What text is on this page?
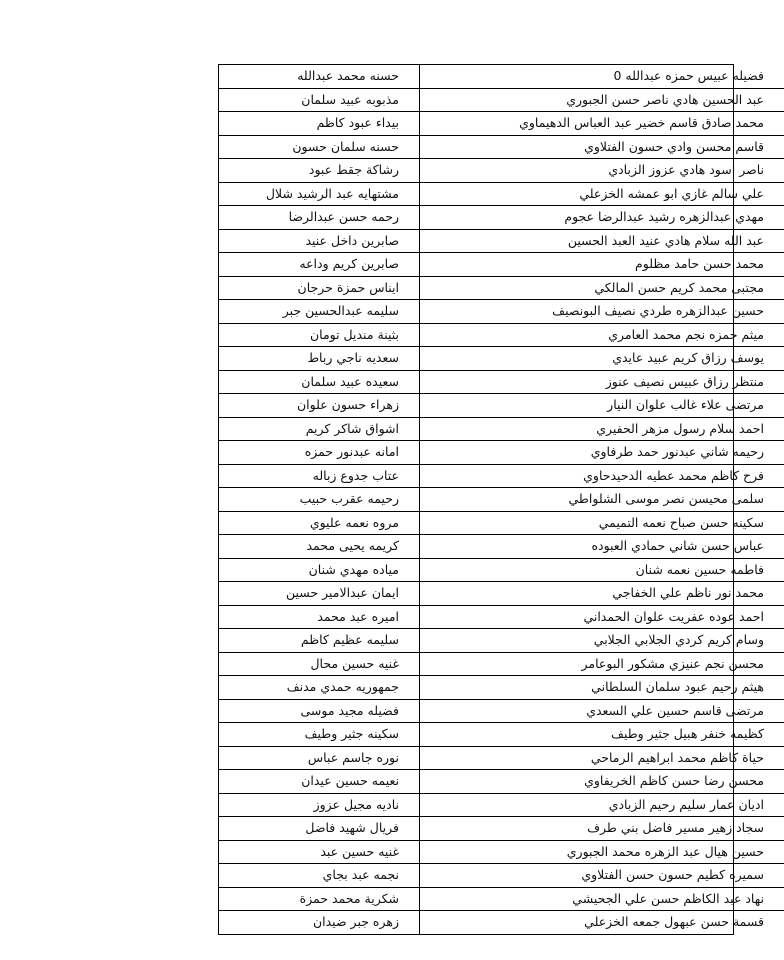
فضيله عبيس حمزه عبدالله 0	حسنه محمد عبدالله
عبد الحسين هادي ناصر حسن الجبوري	مذبوبه عبيد سلمان
محمد صادق قاسم خضير عبد العباس الدهيماوي	بيداء عبود كاظم
قاسم محسن وادي حسون الفتلاوي	حسنه سلمان حسون
ناصر اسود هادي عزوز الزبادي	رشاكة جقط عبود
علي سالم غازي ابو عمشه الخزعلي	مشتهايه عبد الرشيد شلال
مهدي عبدالزهره رشيد عبدالرضا عجوم	رحمه حسن عبدالرضا
عبد الله سلام هادي عنيد العبد الحسين	صابرين داخل عنيد
محمد حسن حامد مظلوم	صابرين كريم وداعه
مجتبى محمد كريم حسن المالكي	ايناس حمزة حرجان
حسين عبدالزهره طردي نصيف البونصيف	سليمه عبدالحسين جبر
ميثم حمزه نجم محمد العامري	بثينة منديل تومان
يوسف رزاق كريم عبيد عايدي	سعديه ناجي رباط
منتظر رزاق عبيس نصيف عنوز	سعيده عبيد سلمان
مرتضى علاء غالب علوان النيار	زهراء حسون علوان
احمد سلام رسول مزهر الحفيري	اشواق شاكر كريم
رحيمه شاني عبدنور حمد طرفاوي	امانه عبدنور حمزه
فرح كاظم محمد عطيه الدحيدحاوي	عتاب جدوع زباله
سلمى محيسن نصر موسى الشلواطي	رحيمه عقرب حبيب
سكينه حسن صباح نعمه التميمي	مروه نعمه عليوي
عباس حسن شاني حمادي العبوده	كريمه يحيى محمد
فاطمه حسين نعمه شنان	مياده مهدي شنان
محمد نور ناظم علي الخفاجي	ايمان عبدالامير حسين
احمد عوده عفريت علوان الحمداني	اميره عبد محمد
وسام كريم كردي الجلابي الجلابي	سليمه عظيم كاظم
محسن نجم عنيزي مشكور البوعامر	غنيه حسين محال
هيثم رحيم عبود سلمان السلطاني	جمهوريه حمدي مدنف
مرتضى قاسم حسين علي السعدي	فضيله مجيد موسى
كظيمه خنفر هبيل جثير وطيف	سكينه جثير وطيف
حياة كاظم محمد ابراهيم الرماحي	نوره جاسم عباس
محسن رضا حسن كاظم الخريفاوي	نعيمه حسين عيدان
اديان عمار سليم رحيم الزبادي	ناديه مجيل عزوز
سجاد زهير مسير فاضل بني طرف	فريال شهيد فاضل
حسين هيال عبد الزهره محمد الجبوري	غنيه حسين عبد
سميره كطيم حسون حسن الفتلاوي	نجمه عبد بجاي
نهاد عبد الكاظم حسن علي الجحيشي	شكرية محمد حمزة
قسمة حسن عبهول جمعه الخزعلي	زهره جبر ضيدان
